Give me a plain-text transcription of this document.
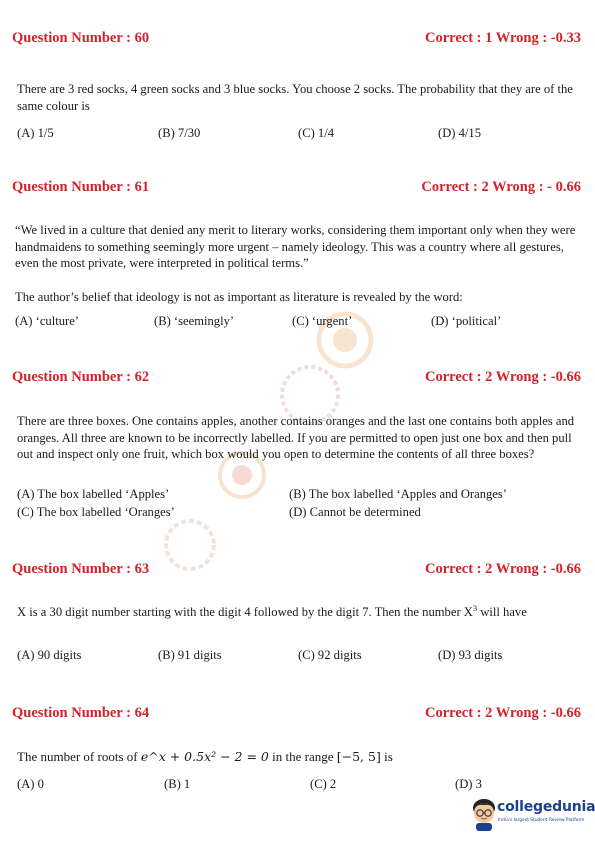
Question Number : 60	Correct : 1 Wrong : -0.33
There are 3 red socks, 4 green socks and 3 blue socks. You choose 2 socks. The probability that they are of the same colour is
(A) 1/5	(B) 7/30	(C) 1/4	(D) 4/15
Question Number : 61	Correct : 2 Wrong : - 0.66
“We lived in a culture that denied any merit to literary works, considering them important only when they were handmaidens to something seemingly more urgent – namely ideology. This was a country where all gestures, even the most private, were interpreted in political terms.”
The author’s belief that ideology is not as important as literature is revealed by the word:
(A) ‘culture’	(B) ‘seemingly’	(C) ‘urgent’	(D) ‘political’
Question Number : 62	Correct : 2 Wrong : -0.66
There are three boxes. One contains apples, another contains oranges and the last one contains both apples and oranges. All three are known to be incorrectly labelled. If you are permitted to open just one box and then pull out and inspect only one fruit, which box would you open to determine the contents of all three boxes?
(A) The box labelled ‘Apples’	(B) The box labelled ‘Apples and Oranges’
(C) The box labelled ‘Oranges’	(D) Cannot be determined
Question Number : 63	Correct : 2 Wrong : -0.66
X is a 30 digit number starting with the digit 4 followed by the digit 7. Then the number $X^3$ will have
(A) 90 digits	(B) 91 digits	(C) 92 digits	(D) 93 digits
Question Number : 64	Correct : 2 Wrong : -0.66
The number of roots of e^x + 0.5x² − 2 = 0 in the range [−5, 5] is
(A) 0	(B) 1	(C) 2	(D) 3
collegedunia
India's largest Student Review Platform
